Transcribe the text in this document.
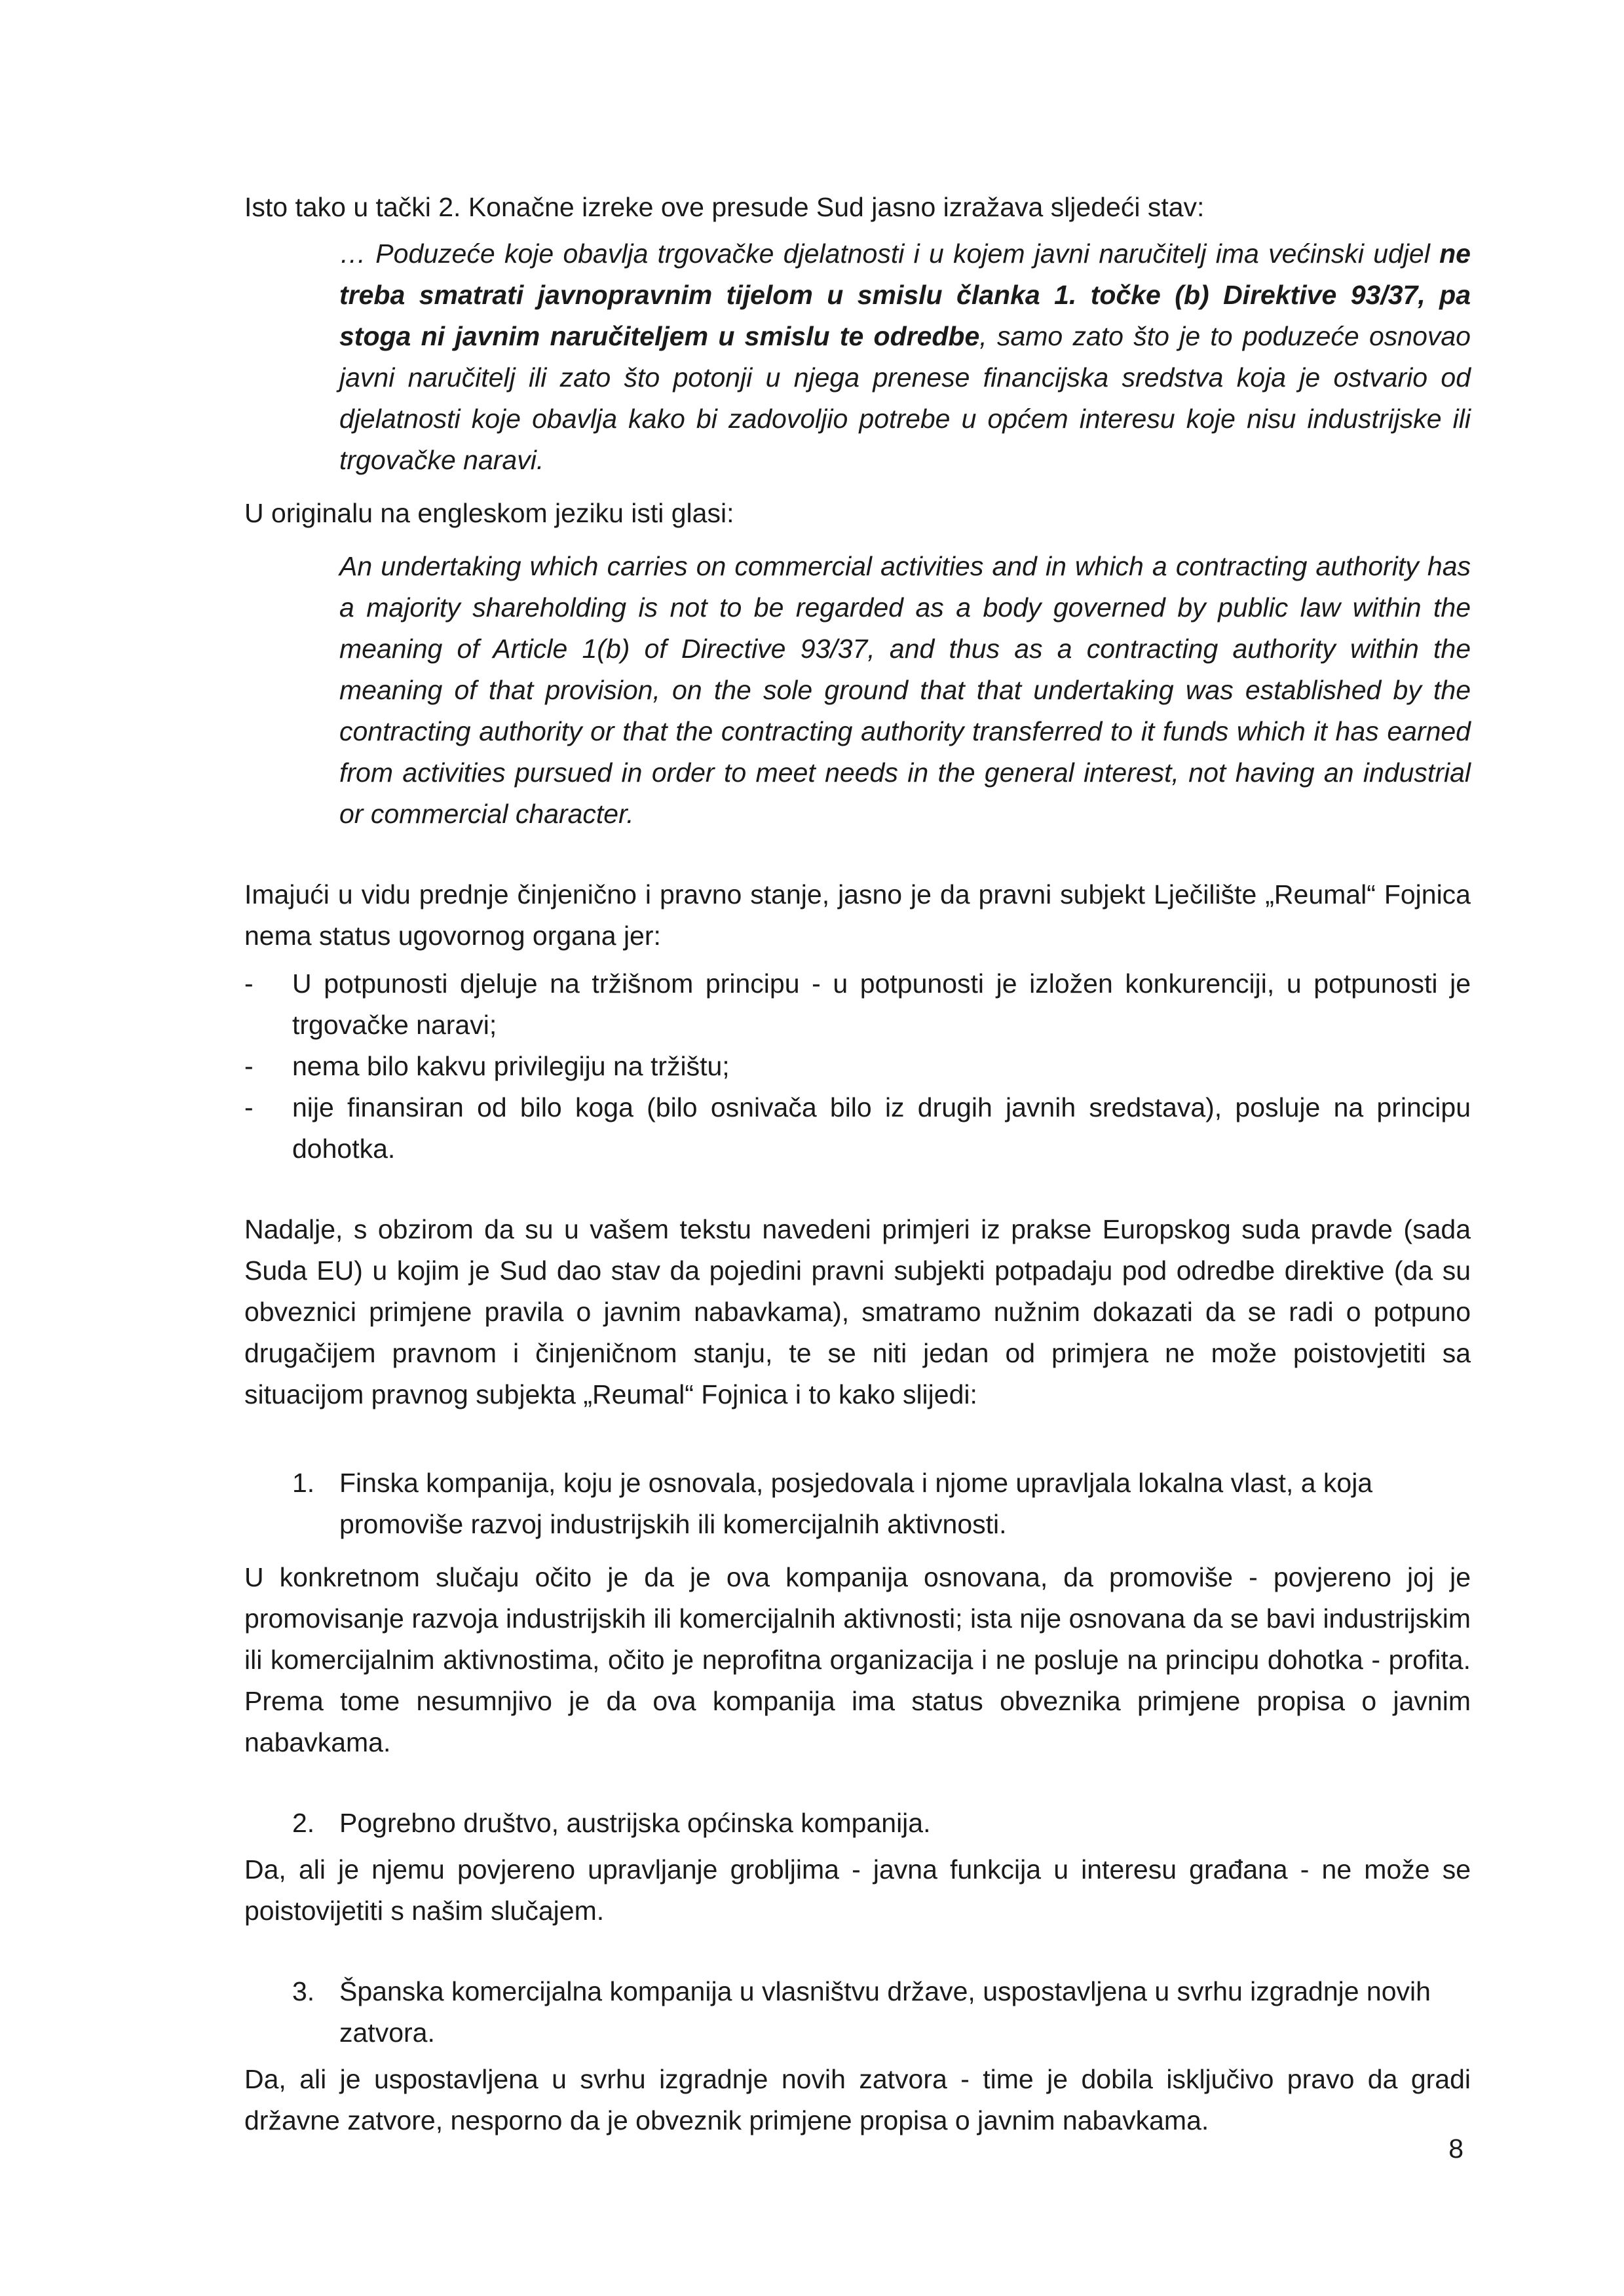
Isto tako u tački 2. Konačne izreke ove presude Sud jasno izražava sljedeći stav:

… Poduzeće koje obavlja trgovačke djelatnosti i u kojem javni naručitelj ima većinski udjel ne treba smatrati javnopravnim tijelom u smislu članka 1. točke (b) Direktive 93/37, pa stoga ni javnim naručiteljem u smislu te odredbe, samo zato što je to poduzeće osnovao javni naručitelj ili zato što potonji u njega prenese financijska sredstva koja je ostvario od djelatnosti koje obavlja kako bi zadovoljio potrebe u općem interesu koje nisu industrijske ili trgovačke naravi.

U originalu na engleskom jeziku isti glasi:

An undertaking which carries on commercial activities and in which a contracting authority has a majority shareholding is not to be regarded as a body governed by public law within the meaning of Article 1(b) of Directive 93/37, and thus as a contracting authority within the meaning of that provision, on the sole ground that that undertaking was established by the contracting authority or that the contracting authority transferred to it funds which it has earned from activities pursued in order to meet needs in the general interest, not having an industrial or commercial character.

Imajući u vidu prednje činjenično i pravno stanje, jasno je da pravni subjekt Lječilište „Reumal“ Fojnica nema status ugovornog organa jer:

- U potpunosti djeluje na tržišnom principu - u potpunosti je izložen konkurenciji, u potpunosti je trgovačke naravi;
- nema bilo kakvu privilegiju na tržištu;
- nije finansiran od bilo koga (bilo osnivača bilo iz drugih javnih sredstava), posluje na principu dohotka.

Nadalje, s obzirom da su u vašem tekstu navedeni primjeri iz prakse Europskog suda pravde (sada Suda EU) u kojim je Sud dao stav da pojedini pravni subjekti potpadaju pod odredbe direktive (da su obveznici primjene pravila o javnim nabavkama), smatramo nužnim dokazati da se radi o potpuno drugačijem pravnom i činjeničnom stanju, te se niti jedan od primjera ne može poistovjetiti sa situacijom pravnog subjekta „Reumal“ Fojnica i to kako slijedi:

1. Finska kompanija, koju je osnovala, posjedovala i njome upravljala lokalna vlast, a koja promoviše razvoj industrijskih ili komercijalnih aktivnosti.

U konkretnom slučaju očito je da je ova kompanija osnovana, da promoviše - povjereno joj je promovisanje razvoja industrijskih ili komercijalnih aktivnosti; ista nije osnovana da se bavi industrijskim ili komercijalnim aktivnostima, očito je neprofitna organizacija i ne posluje na principu dohotka - profita. Prema tome nesumnjivo je da ova kompanija ima status obveznika primjene propisa o javnim nabavkama.

2. Pogrebno društvo, austrijska općinska kompanija.

Da, ali je njemu povjereno upravljanje grobljima - javna funkcija u interesu građana - ne može se poistovijetiti s našim slučajem.

3. Španska komercijalna kompanija u vlasništvu države, uspostavljena u svrhu izgradnje novih zatvora.

Da, ali je uspostavljena u svrhu izgradnje novih zatvora - time je dobila isključivo pravo da gradi državne zatvore, nesporno da je obveznik primjene propisa o javnim nabavkama.

8
